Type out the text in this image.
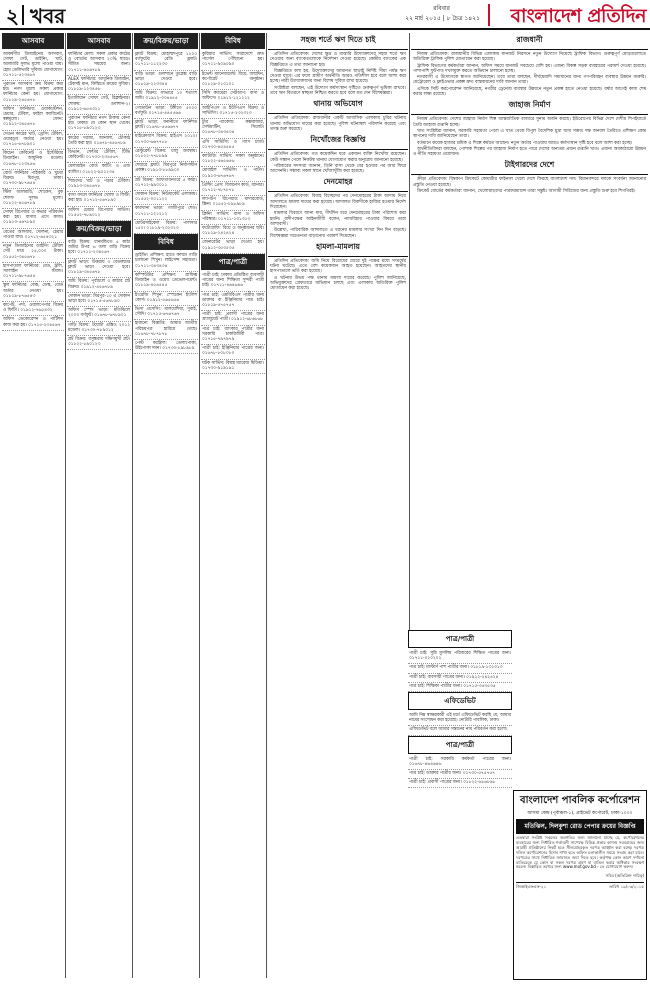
২ খবর	রবিবার
২২ মার্চ ২০১৫ | ৮ চৈত্র ১৪২১ বাংলাদেশ প্রতিদিন
আসবাব
আকর্ষণীয় ডিজাইনের আসবাব, সোফা সেট, ডাইনিং, খাট, আলমারি সুলভ মূল্যে পাওয়া যায়। হোম ডেলিভারি সুবিধা। যোগাযোগ: ০১৭১১-৫২৩৪৬৭
পুরাতন আসবাব ক্রয় বিক্রয় করা হয়। নগদ মূল্যে সকল প্রকার ফার্নিচার কেনা হয়। যোগাযোগ: ০১৮১৯-২৪৫৬৭৮
অফিস ফার্নিচার: ওয়ার্কস্টেশন, চেয়ার, টেবিল, ফাইল ক্যাবিনেট। স্বল্পমূল্যে। ফোন: ০১৯১২-৩৪৫৬৭৮
সেগুন কাঠের খাট, ড্রেসিং টেবিল, ওয়ারড্রব অর্ডার নেওয়া হয়। ০১৭১৫-৬৭৮৯০১
কিচেন কেবিনেট ও ইন্টেরিয়র ডিজাইন। আধুনিক মডেল। ০১৬৭৮-১২৩৪৫৬
বোর্ড ফার্নিচার পাইকারি ও খুচরা বিক্রয়। মিরপুর, ঢাকা। ০১৭৩০-৯৮৭৬৫৪
স্টিল আলমারি, শোকেস, বুক শেলফ সুলভ মূল্যে। ০১৮২২-৪৫৬৭৮৯
সোফা রিপেয়ার ও কভার পরিবর্তন করা হয়। বাসায় এসে কাজ। ০১৯১৩-৫৬৭৮৯০
বেতের আসবাব, দোলনা, চেয়ার পাওয়া যায়। ০১৭১২-৬৫৪৩২১
নতুন ডিজাইনের ডাইনিং টেবিল সেট মাত্র ২৫,০০০ টাকা। ০১৫৫২-৩৪৫৬৭৮
হাসপাতাল ফার্নিচার: বেড, ট্রলি, স্যালাইন স্ট্যান্ড। ০১৭১১-৯৮৭৬৫৪
স্কুল ফার্নিচার: বেঞ্চ, ডেস্ক, বোর্ড অর্ডার নেওয়া হয়। ০১৮১৯-৮৭৬৫৪৩
কার্পেট, পর্দা, ওয়ালপেপার বিক্রয় ও ফিটিং। ০১৯১২-৭৬৫৪৩২
অফিস ডেকোরেশন ও পার্টিশন কাজ করা হয়। ০১৭১৫-২৩৪৫৬৭
আসবাব
ফার্নিচার মেলা: সকল প্রকার কাঠের ও বোর্ডের আসবাব ২০% ছাড়ে। সীমিত সময়ের জন্য। ০১৭১১-৪৫৬৭৮৯
ALEX ফার্নিচার: আধুনিক ডিজাইন, টেকসই মান, কিস্তিতে ক্রয়ের সুবিধা। ০১৮১৯-১২৩৪৫৬
ইতালিয়ান সোফা সেট, রিক্লাইনার। শোরুম: গুলশান-২। ০১৯১২-৬৫৪৩২১
পুরাতন ফার্নিচার নগদ টাকায় কেনা হয়। ঢাকার যে কোন স্থান থেকে। ০১৭১৫-৮৯০১২৩
কাঠের দরজা, জানালা, চৌকাঠ তৈরি করা হয়। ০১৬৭৮-৪৫৬৭৮৯
ডিভান, সেন্টার টেবিল, টিভি কেবিনেট। ০১৭৩০-২৩৪৫৬৭
মেলামাইন বোর্ড কাটিং ও এজ ব্যান্ডিং। ০১৮২২-৯০১২৩৪
শিশুদের খাট ও পড়ার টেবিল। ০১৯১৩-৩৪৫৬৭৮
বাসা বদলে ফার্নিচার খোলা ও ফিটিং করা হয়। ০১৭১২-৫৬৭৮৯০
অফিস চেয়ার রিপেয়ার সার্ভিস। ০১৫৫২-৭৮৯০১২
ক্রয়/বিক্রয়/ভাড়া
বাড়ি বিক্রয়: ধানমন্ডিতে ৫ কাঠা জমির উপর ৬ তলা বাড়ি বিক্রয় হবে। ০১৭১১-২৩৪৫৬৭
ফ্ল্যাট ভাড়া: উত্তরায় ৩ বেডরুমের ফ্ল্যাট ভাড়া দেওয়া হবে। ০১৮১৯-৩৪৫৬৭৮
জমি বিক্রয়: পূর্বাচলে ৩ কাঠার প্লট বিক্রয়। ০১৯১২-৪৫৬৭৮৯
দোকান ভাড়া: মিরপুর-১০ এ দোকান ভাড়া হবে। ০১৭১৫-৫৬৭৮৯০
অফিস স্পেস ভাড়া: মতিঝিলে ২০০০ বর্গফুট। ০১৬৭৮-৬৭৮৯০১
গাড়ি বিক্রয়: টয়োটা এক্সিও ২০১২ মডেল। ০১৭৩০-৭৮৯০১২
প্লট বিক্রয়: বসুন্ধরায় দক্ষিণমুখী প্লট। ০১৮২২-৮৯০১২৩
ক্রয়/বিক্রয়/ভাড়া
ফ্ল্যাট বিক্রয়: মোহাম্মদপুরে ১২০০ বর্গফুটের রেডি ফ্ল্যাট। ০১৭১১-১১২২৩৩
বাড়ি ভাড়া: গুলশানে ডুপ্লেক্স বাড়ি ভাড়া দেওয়া হবে। ০১৮১৯-২২৩৩৪৪
জমি বিক্রয়: সাভারে ১০ শতাংশ জমি। ০১৯১২-৩৩৪৪৫৫
গোডাউন ভাড়া: টঙ্গীতে ৫০০০ বর্গফুট। ০১৭১৫-৪৪৫৫৬৬
ফ্ল্যাট ভাড়া: বনানীতে ফার্নিশড ফ্ল্যাট। ০১৬৭৮-৫৫৬৬৭৭
মাইক্রোবাস বিক্রয়: হাইএস ২০১০। ০১৭৩০-৬৬৭৭৮৮
রেস্টুরেন্ট বিক্রয়: চালু অবস্থায়। ০১৮২২-৭৭৮৮৯৯
শেয়ারে ফ্ল্যাট: মিরপুরে নির্মাণাধীন প্রকল্প। ০১৯১৩-৮৮৯৯০০
প্লট বিক্রয়: আফতাবনগরে ৫ কাঠা। ০১৭১২-৯৯০০১১
দোকান বিক্রয়: নিউমার্কেট এলাকায়। ০১৫৫২-০০১১২২
কারখানা ভাড়া: গাজীপুরে শেড। ০১৭১১-১২১২১২
মোটরসাইকেল বিক্রয়: পালসার ১৫০। ০১৮১৯-২৩২৩২৩
বিবিধ
ড্রাইভিং প্রশিক্ষণ: হাতে কলমে গাড়ি চালানো শিখুন। লাইসেন্স সহায়তা। ০১৭১১-৩৪৩৪৩৪
কম্পিউটার প্রশিক্ষণ: গ্রাফিক্স ডিজাইন ও ওয়েব ডেভেলপমেন্ট। ০১৮১৯-৪৫৪৫৪৫
ইংরেজি শিখুন: স্পোকেন ইংলিশ কোর্স। ০১৯১২-৫৬৫৬৫৬
ভিসা প্রসেসিং: মালয়েশিয়া, দুবাই, সৌদি। ০১৭১৫-৬৭৬৭৬৭
হারানো বিজ্ঞপ্তি: আমার জাতীয় পরিচয়পত্র হারিয়ে গেছে। ০১৬৭৮-৭৮৭৮৭৮
পেস্ট কন্ট্রোল: তেলাপোকা, উইপোকা দমন। ০১৭৩০-৮৯৮৯৮৯
বিবিধ
কুরিয়ার সার্ভিস: সারাদেশে দ্রুত পার্সেল পৌঁছানো হয়। ০১৭১১-৯০৯০৯০
ইভেন্ট ম্যানেজমেন্ট: বিয়ে, জন্মদিন, কর্পোরেট অনুষ্ঠান। ০১৮১৯-০১০১০১
সিসি ক্যামেরা সেটআপ: বাসা ও অফিসে। ০১৯১২-১২১২১২
আইপিএস ও ইউপিএস বিক্রয় ও সার্ভিসিং। ০১৭১৫-২৩২৩২৩
ট্যুর প্যাকেজ: কক্সবাজার, সেন্টমার্টিন, সিলেট। ০১৬৭৮-৩৪৩৪৩৪
এসি সার্ভিসিং ও গ্যাস চার্জ। ০১৭৩০-৪৫৪৫৪৫
ক্যাটারিং সার্ভিস: সকল অনুষ্ঠানে। ০১৮২২-৫৬৫৬৫৬
মোবাইল সার্ভিসিং ও পার্টস। ০১৯১৩-৬৭৬৭৬৭
প্রিন্টিং প্রেস: বিজনেস কার্ড, ব্যানার। ০১৭১২-৭৮৭৮৭৮
ল্যাপটপ রিপেয়ার: মাদারবোর্ড, স্ক্রিন। ০১৫৫২-৮৯৮৯৮৯
ক্লিনিং সার্ভিস: বাসা ও অফিস পরিষ্কার। ০১৭১১-১৩১৩১৩
ফটোগ্রাফি: বিয়ে ও অনুষ্ঠানের ছবি। ০১৮১৯-২৪২৪২৪
জেনারেটর ভাড়া দেওয়া হয়। ০১৯১২-৩৫৩৫৩৫
পাত্র/পাত্রী
পাত্রী চাই: ঢাকায় প্রতিষ্ঠিত ব্যবসায়ী পাত্রের জন্য শিক্ষিতা সুন্দরী পাত্রী চাই। ০১৭১১-৪৬৪৬৪৬
পাত্র চাই: এমবিবিএস পাত্রীর জন্য ডাক্তার বা ইঞ্জিনিয়ার পাত্র চাই। ০১৮১৯-৫৭৫৭৫৭
পাত্রী চাই: প্রবাসী পাত্রের জন্য গ্র্যাজুয়েট পাত্রী। ০১৯১২-৬৮৬৮৬৮
পাত্র চাই: ব্যাংকার পাত্রীর জন্য সরকারি চাকরিজীবী পাত্র। ০১৭১৫-৭৯৭৯৭৯
পাত্রী চাই: ইঞ্জিনিয়ার পাত্রের জন্য। ০১৬৭৮-৮০৮০৮০
ঘটক সার্ভিস: বিশ্বস্ত ম্যারেজ মিডিয়া। ০১৭৩০-৯১৯১৯১
সহজ শর্তে ঋণ দিতে চাই

প্রতিদিন প্রতিবেদক: দেশের ক্ষুদ্র ও মাঝারি উদ্যোক্তাদের সহজ শর্তে ঋণ দেওয়ার জন্য ব্যাংকগুলোকে নির্দেশনা দেওয়া হয়েছে। কেন্দ্রীয় ব্যাংকের এক বিজ্ঞপ্তিতে এ তথ্য জানানো হয়।

বিজ্ঞপ্তিতে বলা হয়, উদ্যোক্তাদের জামানত ছাড়াই নির্দিষ্ট সীমা পর্যন্ত ঋণ দেওয়া যাবে। এর ফলে গ্রামীণ অর্থনীতি আরও গতিশীল হবে বলে আশা করা হচ্ছে। নারী উদ্যোক্তাদের জন্য বিশেষ সুবিধা রাখা হয়েছে।

সংশ্লিষ্টরা বলছেন, এই উদ্যোগ কর্মসংস্থান সৃষ্টিতে গুরুত্বপূর্ণ ভূমিকা রাখবে। তবে ঋণ বিতরণে স্বচ্ছতা নিশ্চিত করতে হবে বলে মত দেন বিশেষজ্ঞরা।

থানায় অভিযোগ

প্রতিদিন প্রতিবেদক: রাজধানীর একটি আবাসিক এলাকায় চুরির ঘটনায় থানায় অভিযোগ দায়ের করা হয়েছে। পুলিশ ঘটনাস্থল পরিদর্শন করেছে এবং তদন্ত শুরু করেছে।

নিখোঁজের বিজ্ঞপ্তি

প্রতিদিন প্রতিবেদক: গত কয়েকদিন ধরে একজন ব্যক্তি নিখোঁজ রয়েছেন। কেউ সন্ধান পেলে নিকটস্থ থানায় যোগাযোগ করার অনুরোধ জানানো হয়েছে।

পরিবারের সদস্যরা জানান, তিনি বাসা থেকে বের হওয়ার পর আর ফিরে আসেননি। সম্ভাব্য সকল স্থানে খোঁজাখুঁজি করা হয়েছে।

দেনমোহর

প্রতিদিন প্রতিবেদক: বিবাহ বিচ্ছেদের পর দেনমোহরের টাকা আদায় নিয়ে আদালতে মামলা দায়ের করা হয়েছে। আদালত বিবাদীকে হাজির হওয়ার নির্দেশ দিয়েছেন।

মামলার বিবরণে জানা যায়, দীর্ঘদিন ধরে দেনমোহরের টাকা পরিশোধ করা হয়নি। বাদীপক্ষের আইনজীবী বলেন, ন্যায়বিচার পাওয়ার বিষয়ে তারা আশাবাদী।

উল্লেখ্য, পারিবারিক আদালতে এ ধরনের মামলার সংখ্যা দিন দিন বাড়ছে। বিশেষজ্ঞরা সচেতনতা বাড়ানোর পরামর্শ দিয়েছেন।

হামলা-মামলায়

প্রতিদিন প্রতিবেদক: জমি নিয়ে বিরোধের জেরে দুই পক্ষের মধ্যে সংঘর্ষের ঘটনা ঘটেছে। এতে বেশ কয়েকজন আহত হয়েছেন। আহতদের স্থানীয় হাসপাতালে ভর্তি করা হয়েছে।

এ ঘটনায় উভয় পক্ষ থানায় মামলা দায়ের করেছে। পুলিশ জানিয়েছে, অভিযুক্তদের গ্রেফতারে অভিযান চলছে এবং এলাকায় অতিরিক্ত পুলিশ মোতায়েন করা হয়েছে।

পাত্র/পাত্রী
পাত্রী চাই: সুন্নি মুসলিম পরিবারের শিক্ষিত পাত্রের জন্য। ০১৭১১-০২০২০২
পাত্র চাই: মাস্টার্স পাশ পাত্রীর জন্য। ০১৮১৯-১৩১৩১৩
পাত্রী চাই: ব্যবসায়ী পাত্রের জন্য। ০১৯১২-২৪২৪২৪
পাত্র চাই: শিক্ষিকা পাত্রীর জন্য। ০১৭১৫-৩৫৩৫৩৫
এফিডেভিট
আমি নিম্ন স্বাক্ষরকারী এই মর্মে এফিডেভিট করছি যে, আমার নামের সংশোধন করা হয়েছে। নোটারি পাবলিক, ঢাকা।
এফিডেভিট বলে আমার সন্তানের নাম পরিবর্তন করা হলো।
পাত্র/পাত্রী
পাত্রী চাই: সরকারি কর্মকর্তা পাত্রের জন্য। ০১৬৭৮-৪৬৪৬৪৬
পাত্র চাই: ডাক্তার পাত্রীর জন্য। ০১৭৩০-৫৭৫৭৫৭
পাত্রী চাই: প্রবাসী পাত্রের জন্য। ০১৮২২-৬৮৬৮৬৮
রাজধানী

নিজস্ব প্রতিবেদক: রাজধানীর বিভিন্ন এলাকায় যানজট নিরসনে নতুন উদ্যোগ নিয়েছে ট্রাফিক বিভাগ। গুরুত্বপূর্ণ মোড়গুলোতে অতিরিক্ত ট্রাফিক পুলিশ মোতায়েন করা হয়েছে।

ট্রাফিক বিভাগের কর্মকর্তারা জানান, অফিস সময়ে যানজট সবচেয়ে বেশি হয়। এজন্য বিকল্প সড়ক ব্যবহারের পরামর্শ দেওয়া হয়েছে। পাশাপাশি ফুটপাত দখলমুক্ত করতে অভিযান চালানো হচ্ছে।

নগরবাসী এ উদ্যোগকে স্বাগত জানিয়েছেন। তবে তারা বলছেন, দীর্ঘমেয়াদি সমাধানের জন্য গণপরিবহন ব্যবস্থার উন্নয়ন জরুরি। মেট্রোরেল ও ফ্লাইওভার প্রকল্প দ্রুত বাস্তবায়নের দাবি জানান তারা।

এদিকে সিটি করপোরেশন জানিয়েছে, নগরীর ড্রেনেজ ব্যবস্থার উন্নয়নে নতুন প্রকল্প হাতে নেওয়া হয়েছে। বর্ষার আগেই কাজ শেষ করার লক্ষ্য রয়েছে।

জাহাজ নির্মাণ

নিজস্ব প্রতিবেদক: দেশের জাহাজ নির্মাণ শিল্প আন্তর্জাতিক বাজারে সুনাম অর্জন করছে। ইউরোপের বিভিন্ন দেশে দেশীয় শিপইয়ার্ডে তৈরি জাহাজ রপ্তানি হচ্ছে।

খাত সংশ্লিষ্টরা জানান, সরকারি সহায়তা পেলে এ খাত থেকে বিপুল বৈদেশিক মুদ্রা আয় সম্ভব। দক্ষ জনবল তৈরিতে প্রশিক্ষণ কেন্দ্র স্থাপনের দাবি জানিয়েছেন তারা।

বর্তমানে কয়েক হাজার শ্রমিক এ শিল্পে কর্মরত আছেন। নতুন অর্ডার পাওয়ায় আরও কর্মসংস্থান সৃষ্টি হবে বলে আশা করা হচ্ছে।

অর্থনীতিবিদরা বলছেন, পোশাক শিল্পের পর জাহাজ নির্মাণ হতে পারে দেশের অন্যতম প্রধান রপ্তানি খাত। এজন্য অবকাঠামো উন্নয়ন ও নীতি সহায়তা প্রয়োজন।

টাইগারদের দেশে

ক্রীড়া প্রতিবেদক: বিশ্বকাপ ক্রিকেটে কোয়ার্টার ফাইনাল খেলে দেশে ফিরছে বাংলাদেশ দল। বিমানবন্দরে দলকে সংবর্ধনা জানানোর প্রস্তুতি নেওয়া হয়েছে।

ক্রিকেট বোর্ডের কর্মকর্তারা জানান, খেলোয়াড়দের পারফরম্যান্সে তারা সন্তুষ্ট। আগামী সিরিজের জন্য প্রস্তুতি শুরু হবে শিগগিরই।

বাংলাদেশ পাবলিক কর্পোরেশন
আসমা কেন্দ্র (পূর্বাঞ্চল-১), প্রাইভেট কর্পোরেট, ঢাকা-১০০০
মতিঝিল, দিলকুশা রোড পেপার ক্রয়ের বিজ্ঞপ্তি
এতদ্বারা সংশ্লিষ্ট সকলের অবগতির জন্য জানানো যাচ্ছে যে, কর্পোরেশনের ব্যবহারের জন্য নির্ধারিত শর্তাবলী সাপেক্ষে বিভিন্ন প্রকার কাগজ সরবরাহের জন্য আগ্রহী প্রতিষ্ঠানের নিকট হতে সীলমোহরকৃত দরপত্র আহ্বান করা হচ্ছে। দরপত্র দলিল কর্পোরেশনের হিসাব শাখা হতে অফিস চলাকালীন সময়ে সংগ্রহ করা যাবে। দরপত্রের সাথে নির্ধারিত জামানত জমা দিতে হবে। কর্তৃপক্ষ কোন কারণ দর্শানো ব্যতিরেকে যে কোন বা সকল দরপত্র গ্রহণ বা বাতিল করার অধিকার সংরক্ষণ করেন। বিস্তারিত তথ্যের জন্য www.mof.gov.bd - তে যোগাযোগ করুন।
সচিব (অতিরিক্ত দায়িত্ব)
জিআইএফএফ-২১	তারিখ ১৯/০৩/২০১৫
